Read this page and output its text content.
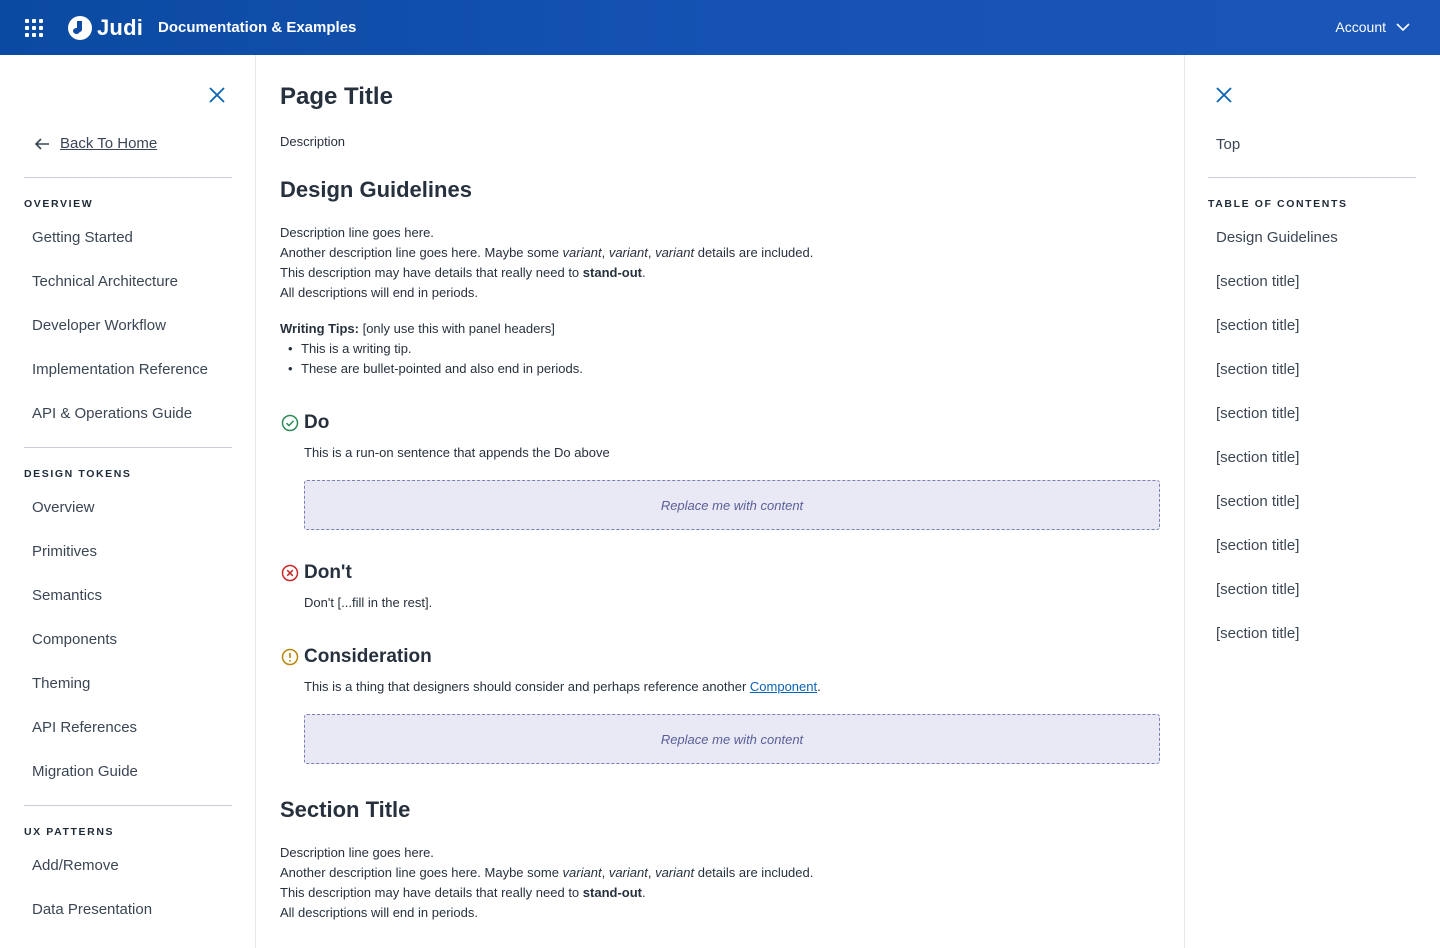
Judi Documentation & Examples	Account
Back To Home
OVERVIEW
Getting Started
Technical Architecture
Developer Workflow
Implementation Reference
API & Operations Guide
DESIGN TOKENS
Overview
Primitives
Semantics
Components
Theming
API References
Migration Guide
UX PATTERNS
Add/Remove
Data Presentation
Page Title
Description
Design Guidelines

Description line goes here.

Another description line goes here. Maybe some variant, variant, variant details are included.

This description may have details that really need to stand-out.

All descriptions will end in periods.

Writing Tips: [only use this with panel headers]

• This is a writing tip.
• These are bullet-pointed and also end in periods.
Do
This is a run-on sentence that appends the Do above
Replace me with content
Don't
Don't [...fill in the rest].
Consideration
This is a thing that designers should consider and perhaps reference another Component.
Replace me with content
Section Title

Description line goes here.

Another description line goes here. Maybe some variant, variant, variant details are included.

This description may have details that really need to stand-out.

All descriptions will end in periods.

Top
TABLE OF CONTENTS
Design Guidelines
[section title]
[section title]
[section title]
[section title]
[section title]
[section title]
[section title]
[section title]
[section title]
